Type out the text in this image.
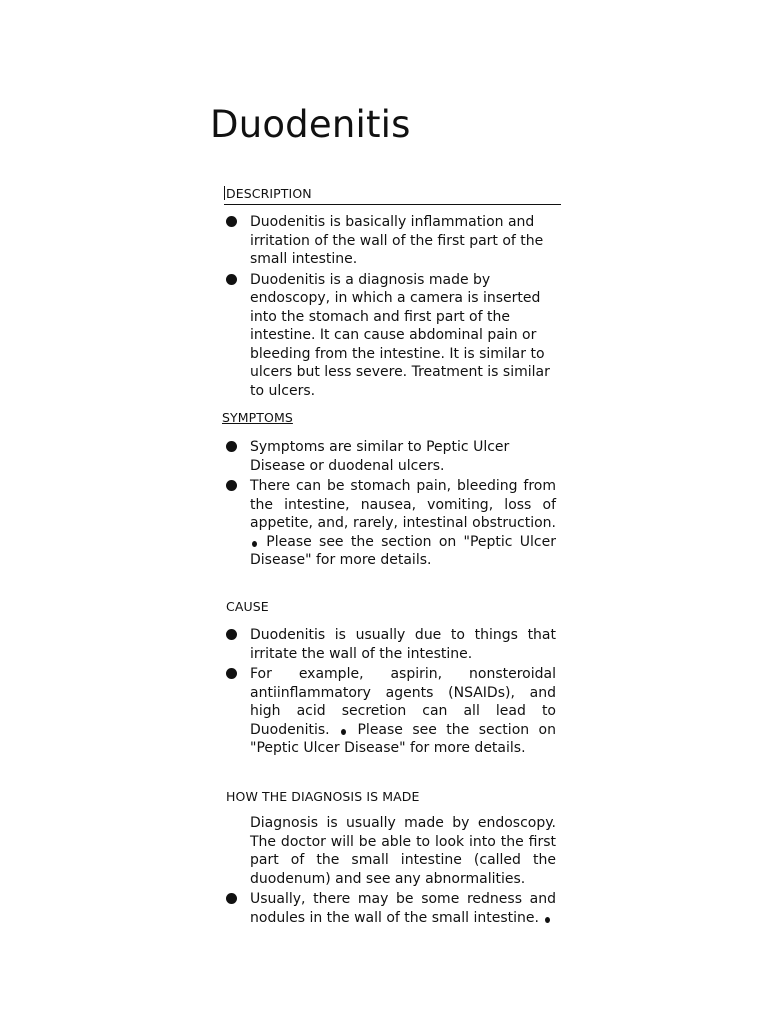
Duodenitis

DESCRIPTION

Duodenitis is basically inflammation and irritation of the wall of the first part of the small intestine.
Duodenitis is a diagnosis made by endoscopy, in which a camera is inserted into the stomach and first part of the intestine. It can cause abdominal pain or bleeding from the intestine. It is similar to ulcers but less severe. Treatment is similar to ulcers.

SYMPTOMS

Symptoms are similar to Peptic Ulcer Disease or duodenal ulcers.
There can be stomach pain, bleeding from the intestine, nausea, vomiting, loss of appetite, and, rarely, intestinal obstruction.  Please see the section on "Peptic Ulcer Disease" for more details.

CAUSE

Duodenitis is usually due to things that irritate the wall of the intestine.
For example, aspirin, nonsteroidal antiinflammatory agents (NSAIDs), and high acid secretion can all lead to Duodenitis. Please see the section on "Peptic Ulcer Disease" for more details.

HOW THE DIAGNOSIS IS MADE

Diagnosis is usually made by endoscopy. The doctor will be able to look into the first part of the small intestine (called the duodenum) and see any abnormalities.
Usually, there may be some redness and nodules in the wall of the small intestine.
